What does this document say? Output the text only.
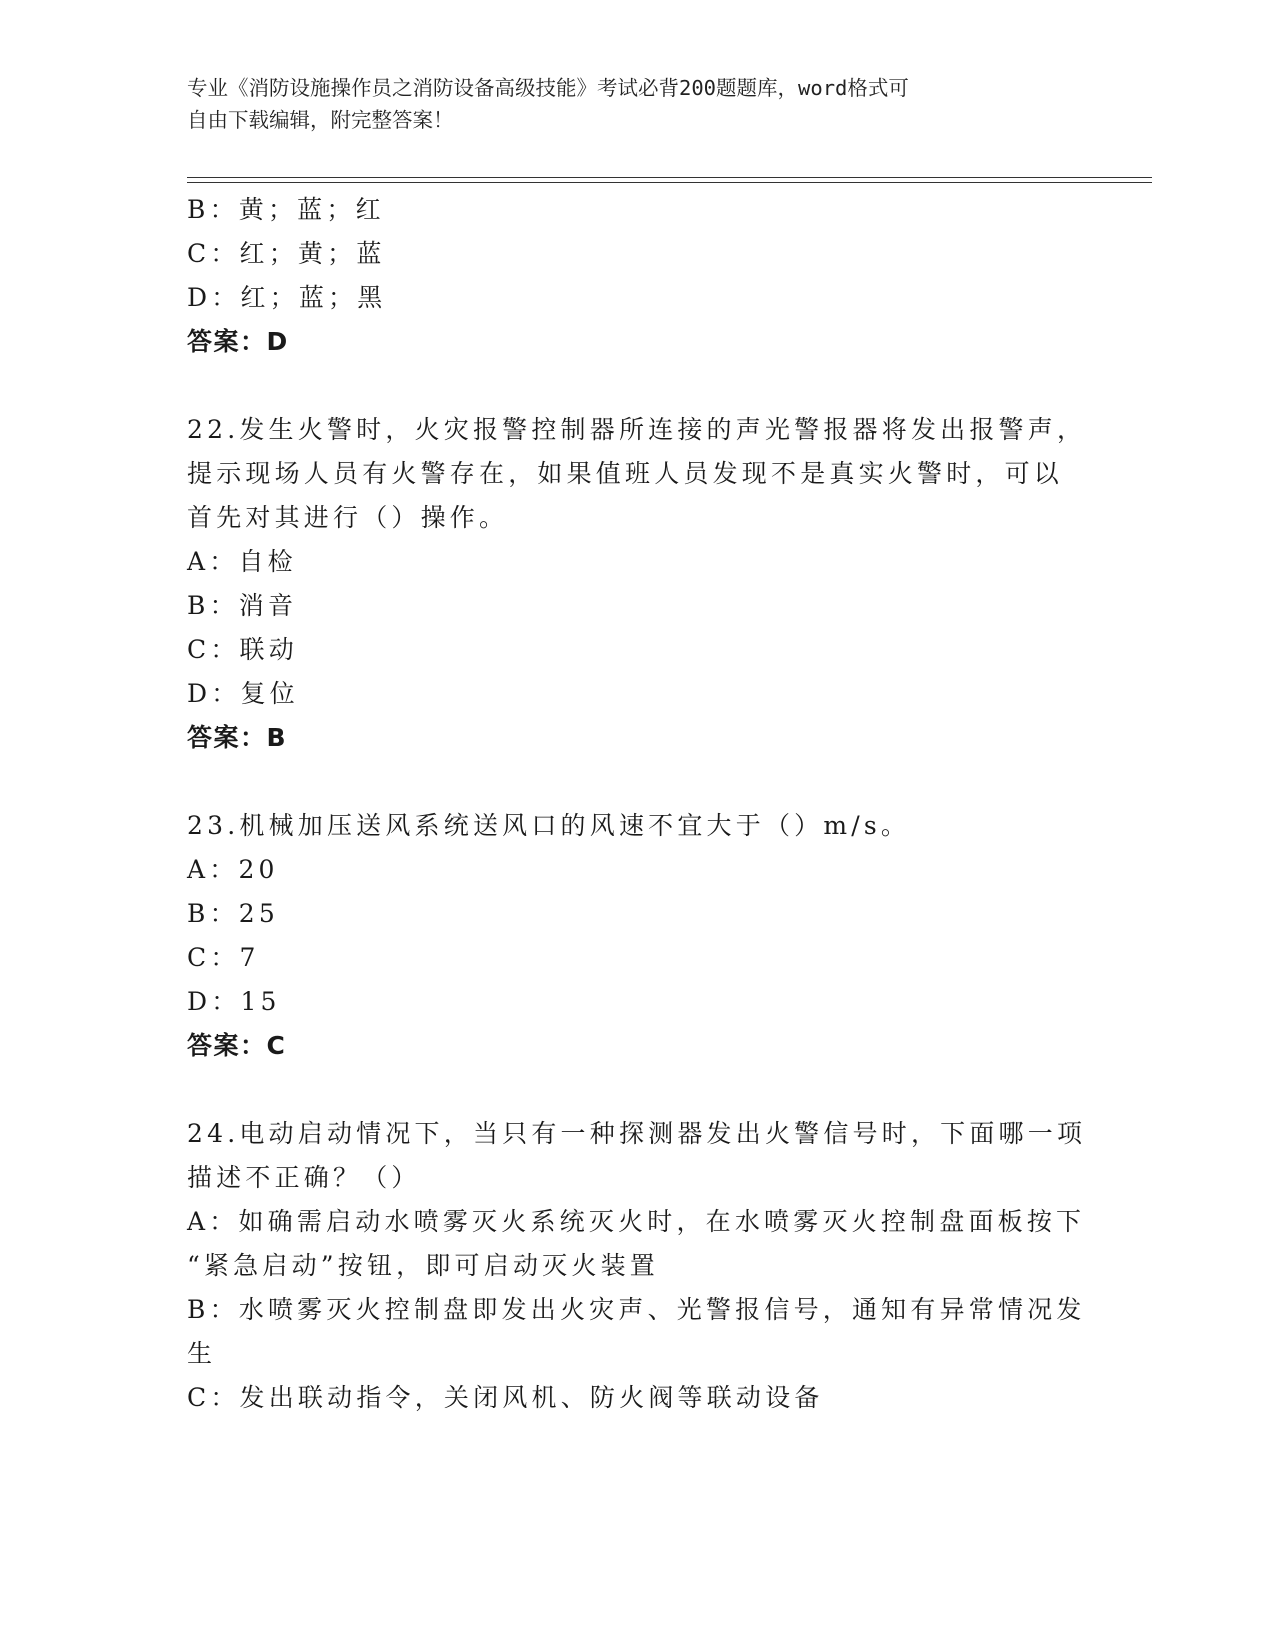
专业《消防设施操作员之消防设备高级技能》考试必背200题题库，word格式可
自由下载编辑，附完整答案！
B：黄；蓝；红
C：红；黄；蓝
D：红；蓝；黑
答案：D
22.发生火警时，火灾报警控制器所连接的声光警报器将发出报警声，
提示现场人员有火警存在，如果值班人员发现不是真实火警时，可以
首先对其进行（）操作。
A：自检
B：消音
C：联动
D：复位
答案：B
23.机械加压送风系统送风口的风速不宜大于（）m/s。
A：20
B：25
C：7
D：15
答案：C
24.电动启动情况下，当只有一种探测器发出火警信号时，下面哪一项
描述不正确？（）
A：如确需启动水喷雾灭火系统灭火时，在水喷雾灭火控制盘面板按下
“紧急启动”按钮，即可启动灭火装置
B：水喷雾灭火控制盘即发出火灾声、光警报信号，通知有异常情况发
生
C：发出联动指令，关闭风机、防火阀等联动设备
